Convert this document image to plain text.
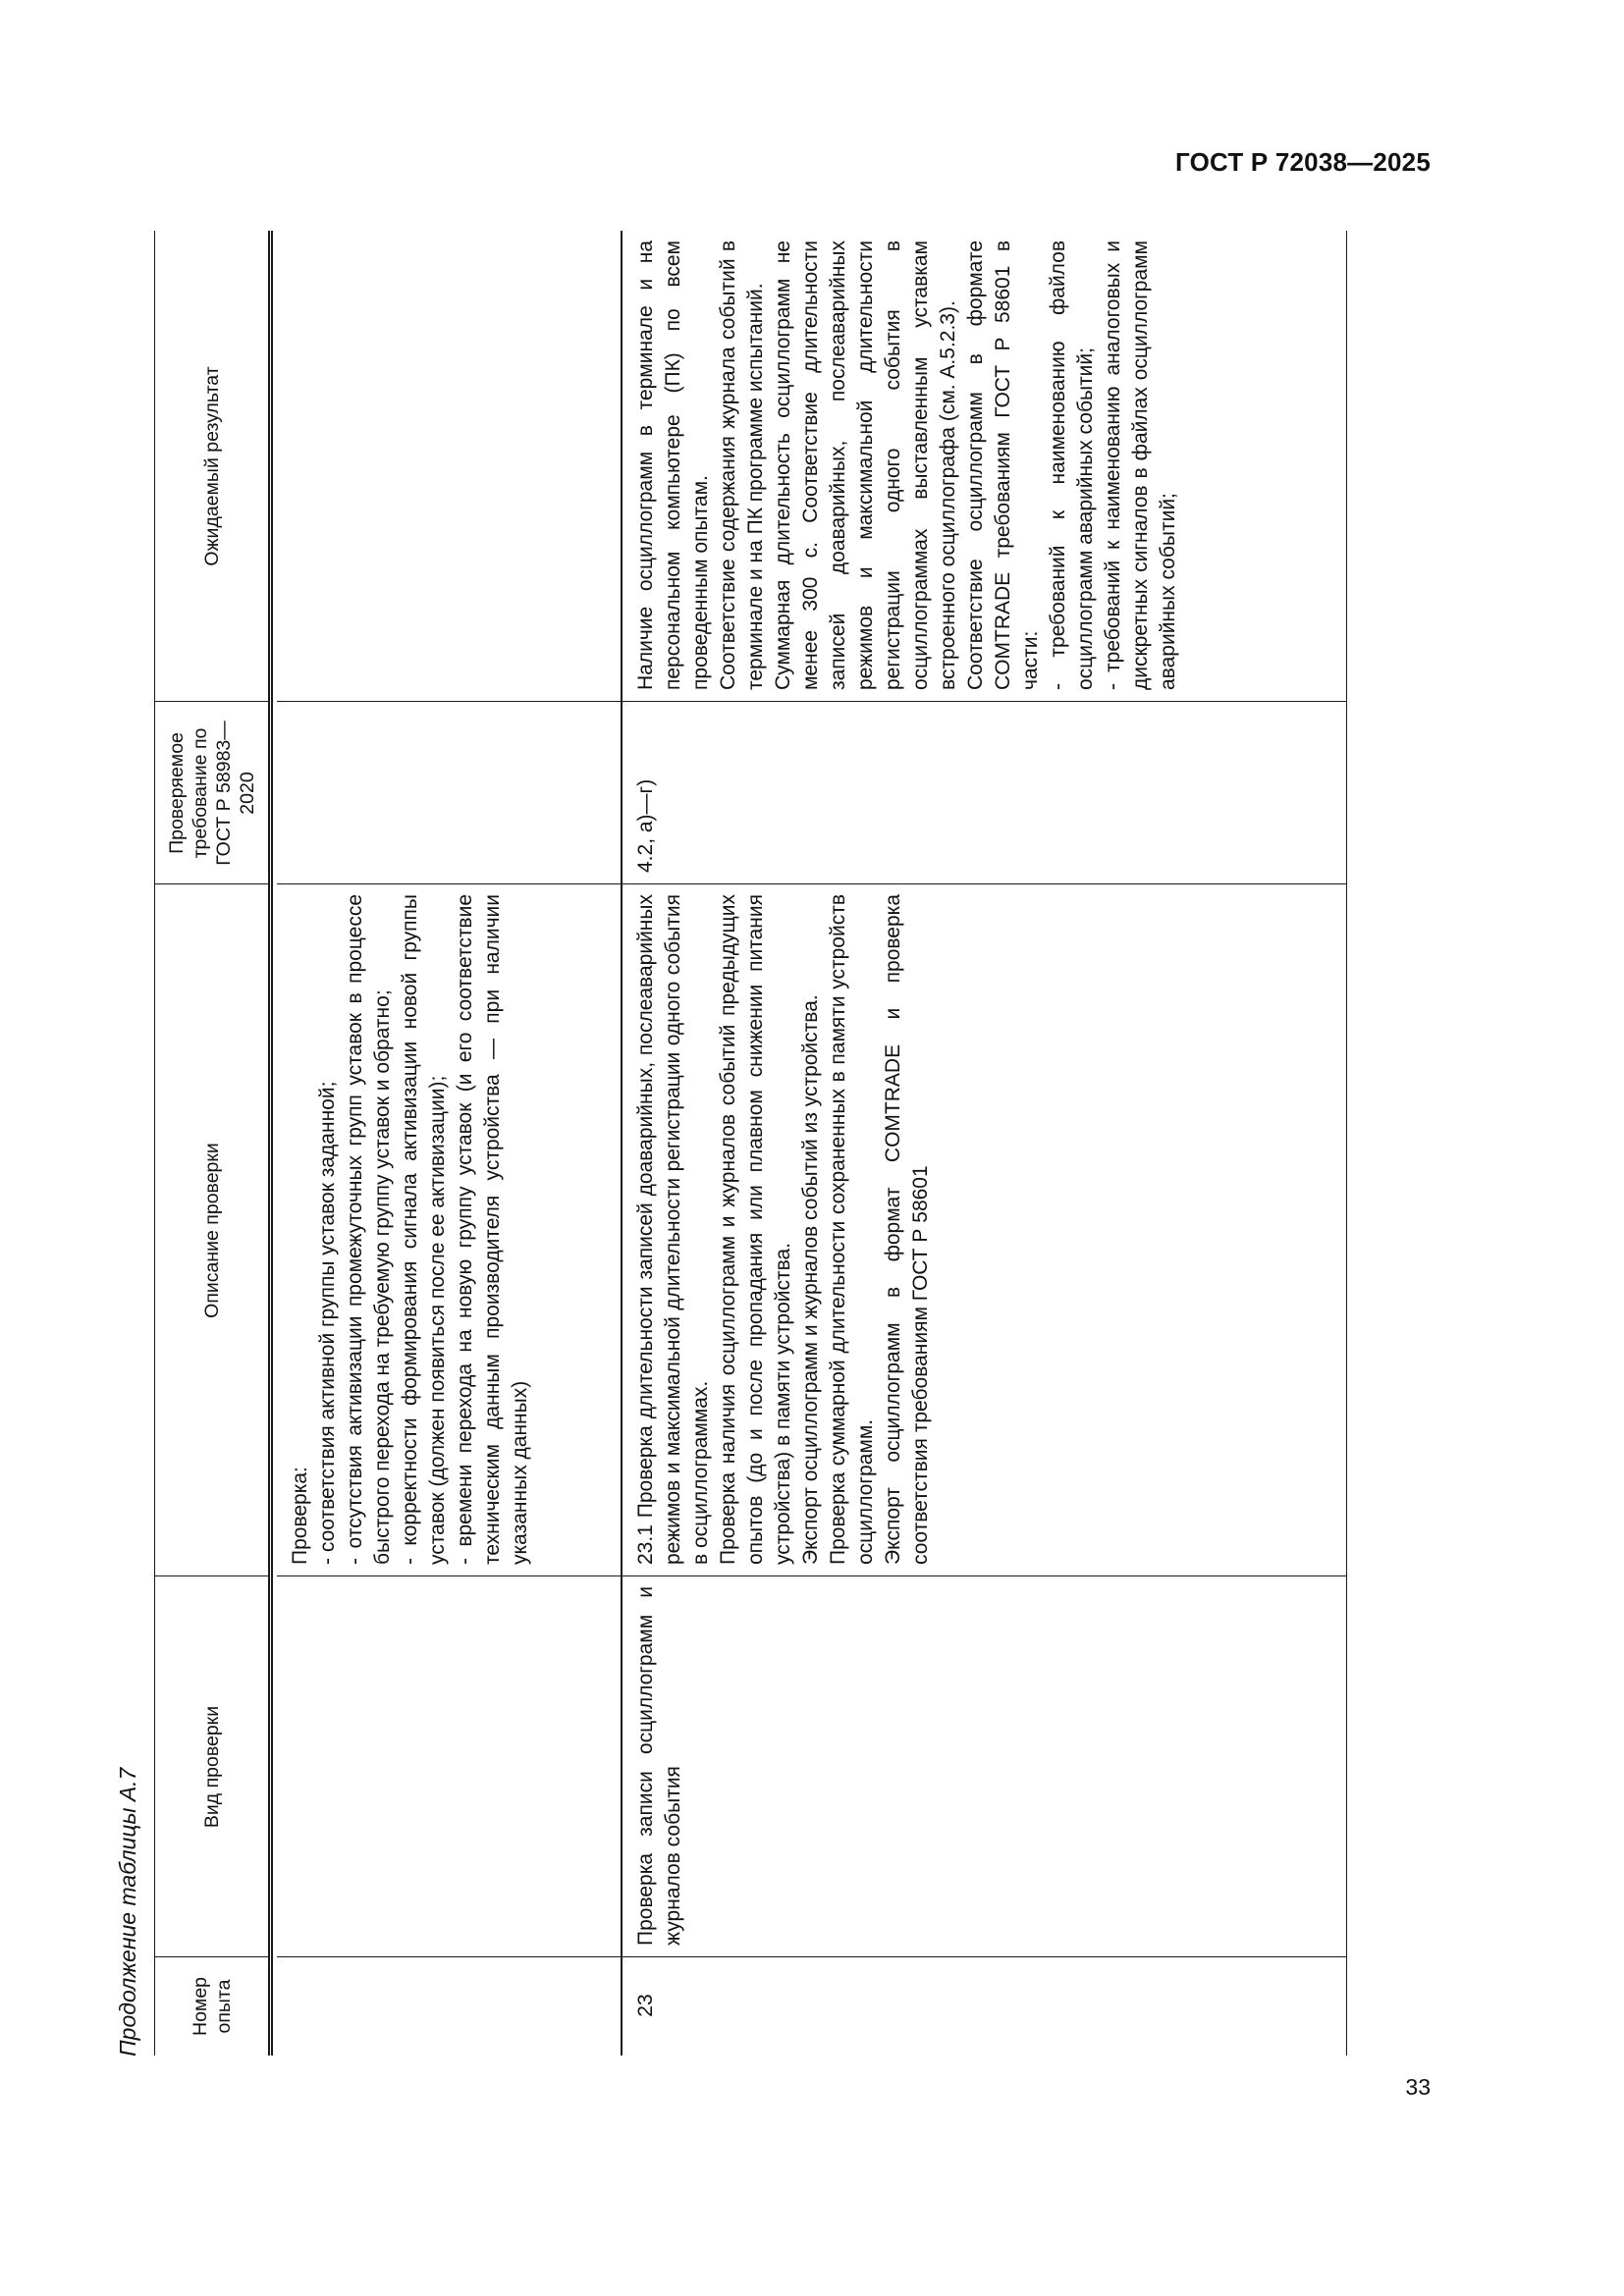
ГОСТ Р 72038—2025
Продолжение таблицы А.7	Номер опыта
Вид проверки
Описание проверки
Проверяемое требование по ГОСТ Р 58983—2020
Ожидаемый результат
Проверка: - соответствия активной группы уставок заданной; - отсутствия активизации промежуточных групп уставок в процессе быстрого перехода на требуемую группу уставок и обратно; - корректности формирования сигнала активизации новой группы уставок (должен появиться после ее активизации); - времени перехода на новую группу уставок (и его соответствие техническим данным производителя устройства — при наличии указанных данных)
23
Проверка записи осциллограмм и журналов события
23.1 Проверка длительности записей доаварийных, послеаварийных режимов и максимальной длительности регистрации одного события в осциллограммах. Проверка наличия осциллограмм и журналов событий предыдущих опытов (до и после пропадания или плавном снижении питания устройства) в памяти устройства. Экспорт осциллограмм и журналов событий из устройства. Проверка суммарной длительности сохраненных в памяти устройств осциллограмм. Экспорт осциллограмм в формат COMTRADE и проверка соответствия требованиям ГОСТ Р 58601
4.2, а)—г)
Наличие осциллограмм в терминале и на персональном компьютере (ПК) по всем проведенным опытам. Соответствие содержания журнала событий в терминале и на ПК программе испытаний. Суммарная длительность осциллограмм не менее 300 с. Соответствие длительности записей доаварийных, послеаварийных режимов и максимальной длительности регистрации одного события в осциллограммах выставленным уставкам встроенного осциллографа (см. А.5.2.3). Соответствие осциллограмм в формате COMTRADE требованиям ГОСТ Р 58601 в части: - требований к наименованию файлов осциллограмм аварийных событий; - требований к наименованию аналоговых и дискретных сигналов в файлах осциллограмм аварийных событий;
33
